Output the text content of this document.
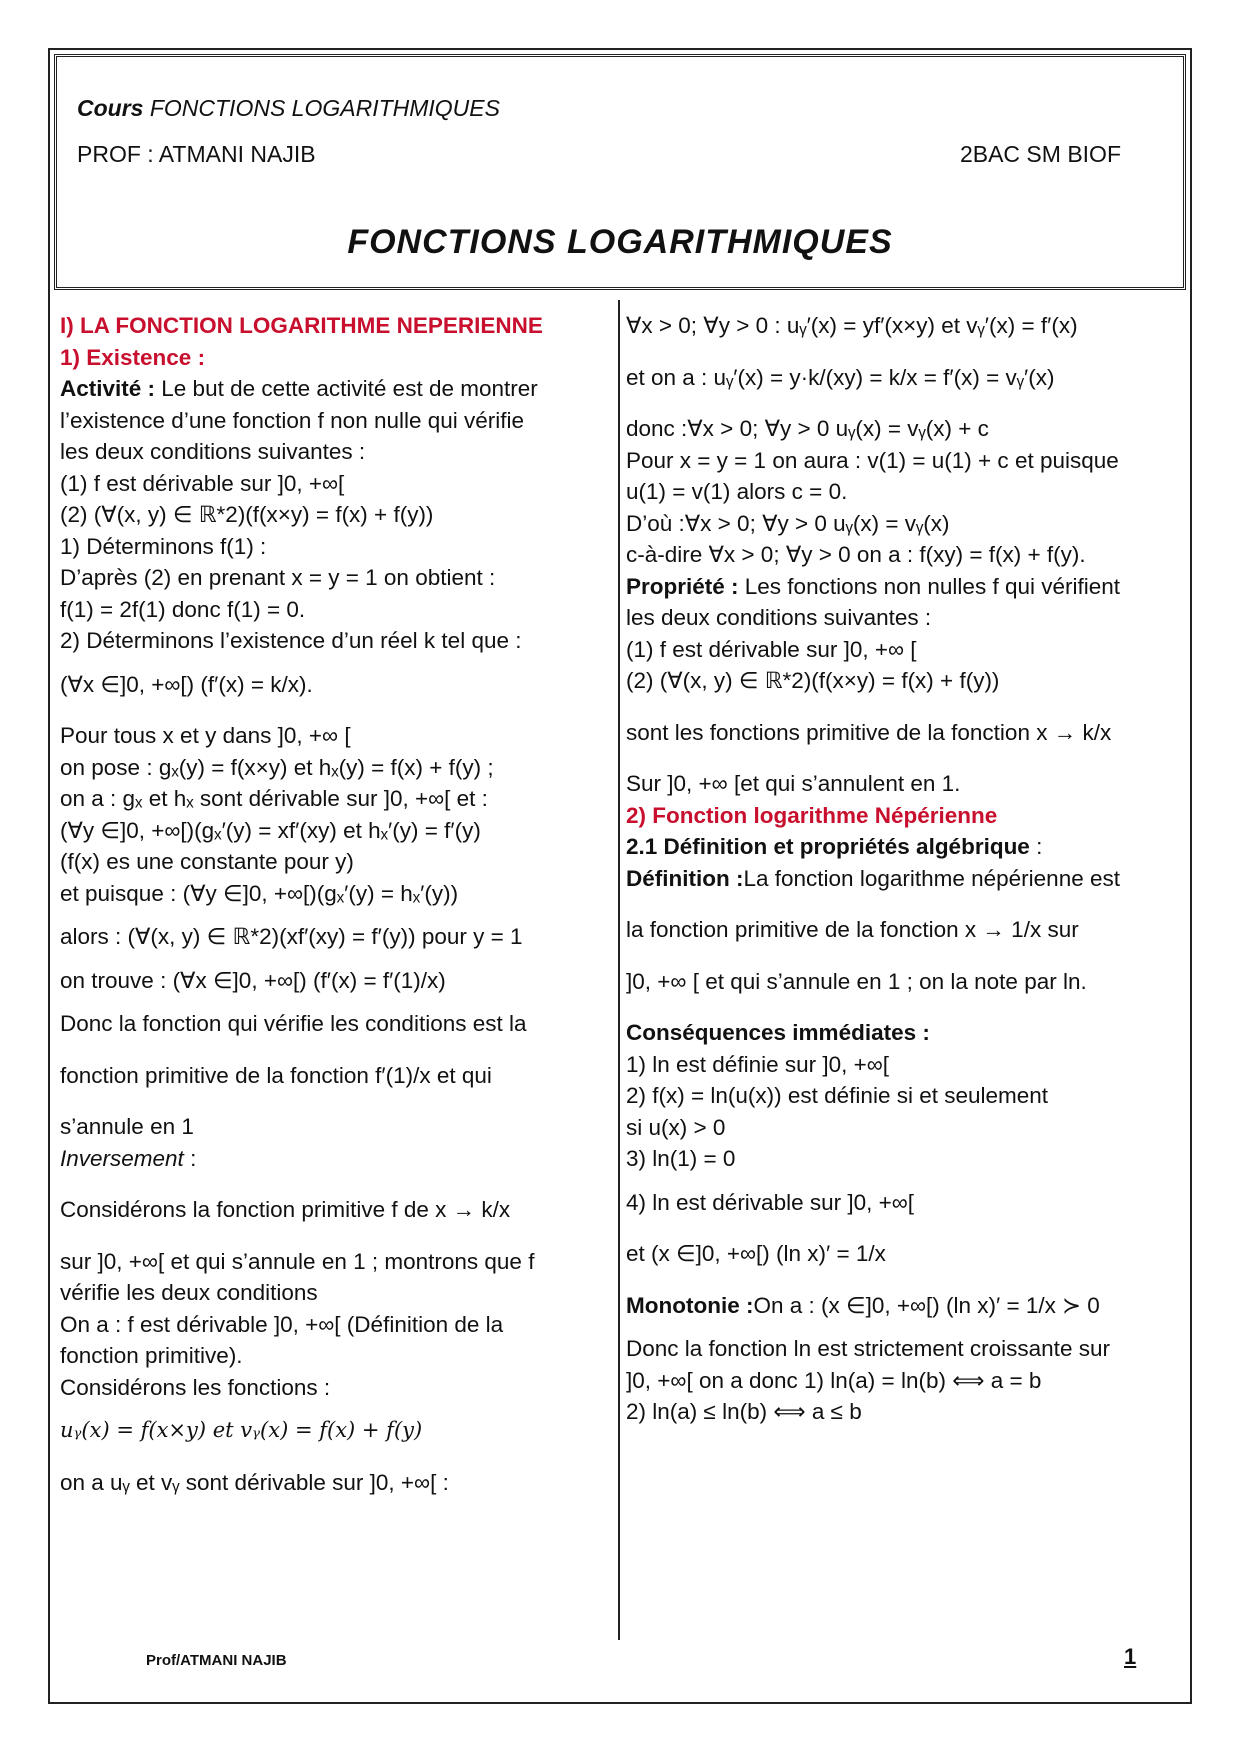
Cours FONCTIONS LOGARITHMIQUES
PROF : ATMANI NAJIB	2BAC SM BIOF
FONCTIONS LOGARITHMIQUES

I) LA FONCTION LOGARITHME NEPERIENNE

1) Existence :

Activité : Le but de cette activité est de montrer

l’existence d’une fonction f non nulle qui vérifie

les deux conditions suivantes :

(1) f est dérivable sur ]0, +∞[

(2) (∀(x, y) ∈ ℝ*2)(f(x×y) = f(x) + f(y))

1) Déterminons f(1) :

D’après (2) en prenant x = y = 1 on obtient :

f(1) = 2f(1) donc f(1) = 0.

2) Déterminons l’existence d’un réel k tel que :

(∀x ∈]0, +∞[) (f′(x) = k/x).

Pour tous x et y dans ]0, +∞ [

on pose : gₓ(y) = f(x×y) et hₓ(y) = f(x) + f(y) ;

on a : gₓ et hₓ sont dérivable sur ]0, +∞[ et :

(∀y ∈]0, +∞[)(gₓ′(y) = xf′(xy) et hₓ′(y) = f′(y)

(f(x) es une constante pour y)

et puisque : (∀y ∈]0, +∞[)(gₓ′(y) = hₓ′(y))

alors : (∀(x, y) ∈ ℝ*2)(xf′(xy) = f′(y)) pour y = 1

on trouve : (∀x ∈]0, +∞[) (f′(x) = f′(1)/x)

Donc la fonction qui vérifie les conditions est la

fonction primitive de la fonction f′(1)/x et qui

s’annule en 1

Inversement :

Considérons la fonction primitive f de x → k/x

sur ]0, +∞[ et qui s’annule en 1 ; montrons que f

vérifie les deux conditions

On a : f est dérivable ]0, +∞[ (Définition de la

fonction primitive).

Considérons les fonctions :

uᵧ(x) = f(x×y) et vᵧ(x) = f(x) + f(y)

on a uᵧ et vᵧ sont dérivable sur ]0, +∞[ :

∀x > 0; ∀y > 0 : uᵧ′(x) = yf′(x×y) et vᵧ′(x) = f′(x)

et on a : uᵧ′(x) = y·k/(xy) = k/x = f′(x) = vᵧ′(x)

donc :∀x > 0; ∀y > 0 uᵧ(x) = vᵧ(x) + c

Pour x = y = 1 on aura : v(1) = u(1) + c et puisque

u(1) = v(1) alors c = 0.

D’où :∀x > 0; ∀y > 0 uᵧ(x) = vᵧ(x)

c-à-dire ∀x > 0; ∀y > 0 on a : f(xy) = f(x) + f(y).

Propriété : Les fonctions non nulles f qui vérifient

les deux conditions suivantes :

(1) f est dérivable sur ]0, +∞ [

(2) (∀(x, y) ∈ ℝ*2)(f(x×y) = f(x) + f(y))

sont les fonctions primitive de la fonction x → k/x

Sur ]0, +∞ [et qui s’annulent en 1.

2) Fonction logarithme Népérienne

2.1 Définition et propriétés algébrique :

Définition :La fonction logarithme népérienne est

la fonction primitive de la fonction x → 1/x sur

]0, +∞ [ et qui s’annule en 1 ; on la note par ln.

Conséquences immédiates :

1) ln est définie sur ]0, +∞[

2) f(x) = ln(u(x)) est définie si et seulement

si u(x) > 0

3) ln(1) = 0

4) ln est dérivable sur ]0, +∞[

et (x ∈]0, +∞[) (ln x)′ = 1/x

Monotonie :On a : (x ∈]0, +∞[) (ln x)′ = 1/x ≻ 0

Donc la fonction ln est strictement croissante sur

]0, +∞[ on a donc 1) ln(a) = ln(b) ⟺ a = b

2) ln(a) ≤ ln(b) ⟺ a ≤ b

Prof/ATMANI NAJIB	1
